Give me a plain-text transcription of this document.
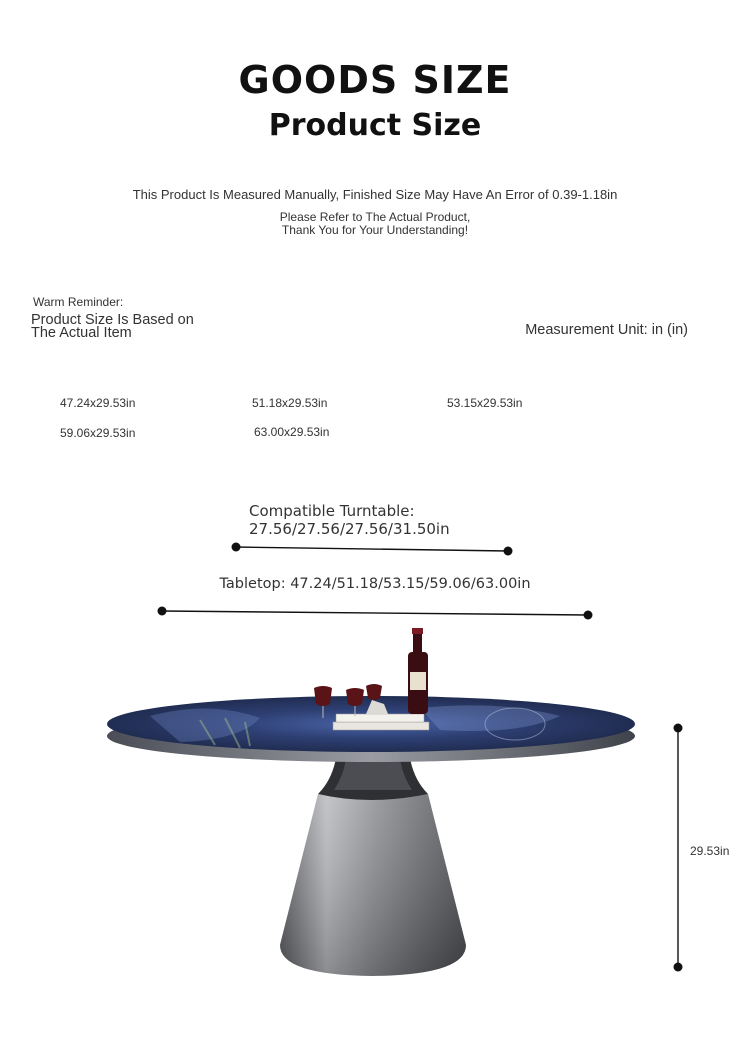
GOODS SIZE
Product Size
This Product Is Measured Manually, Finished Size May Have An Error of 0.39-1.18in
Please Refer to The Actual Product,
Thank You for Your Understanding!
Warm Reminder:
Product Size Is Based on
The Actual Item	Measurement Unit: in (in)
47.24x29.53in	51.18x29.53in	53.15x29.53in
59.06x29.53in	63.00x29.53in
Compatible Turntable:
27.56/27.56/27.56/31.50in
Tabletop: 47.24/51.18/53.15/59.06/63.00in
29.53in
